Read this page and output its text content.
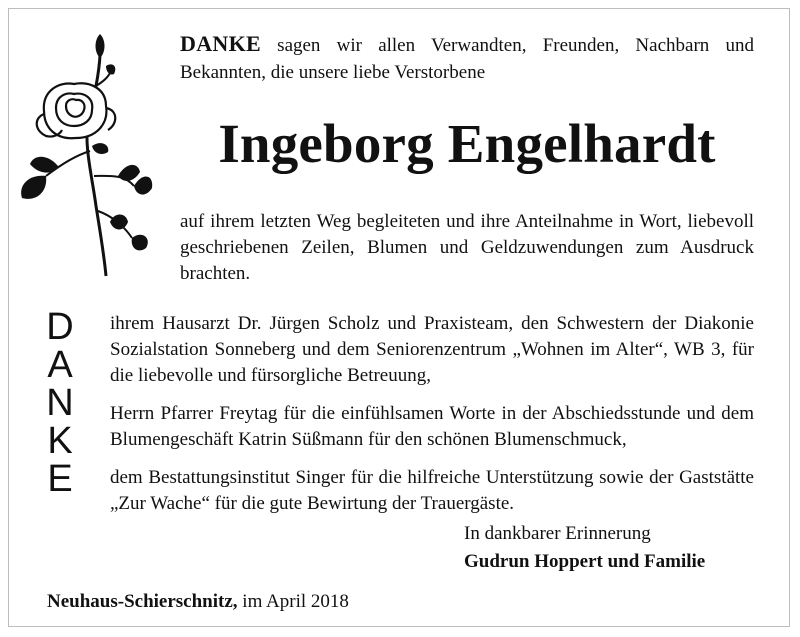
DANKE sagen wir allen Verwandten, Freunden, Nachbarn und Bekannten, die unsere liebe Verstorbene
Ingeborg Engelhardt
auf ihrem letzten Weg begleiteten und ihre Anteilnahme in Wort, liebevoll geschriebenen Zeilen, Blumen und Geldzuwendungen zum Ausdruck brachten.
D
A
N
K
E

ihrem Hausarzt Dr. Jürgen Scholz und Praxisteam, den Schwestern der Diakonie Sozialstation Sonneberg und dem Seniorenzentrum „Wohnen im Alter“, WB 3, für die liebevolle und fürsorgliche Betreuung,

Herrn Pfarrer Freytag für die einfühlsamen Worte in der Abschiedsstunde und dem Blumengeschäft Katrin Süßmann für den schönen Blumenschmuck,

dem Bestattungsinstitut Singer für die hilfreiche Unterstützung sowie der Gaststätte „Zur Wache“ für die gute Bewirtung der Trauergäste.

In dankbarer Erinnerung
Gudrun Hoppert und Familie
Neuhaus-Schierschnitz, im April 2018
